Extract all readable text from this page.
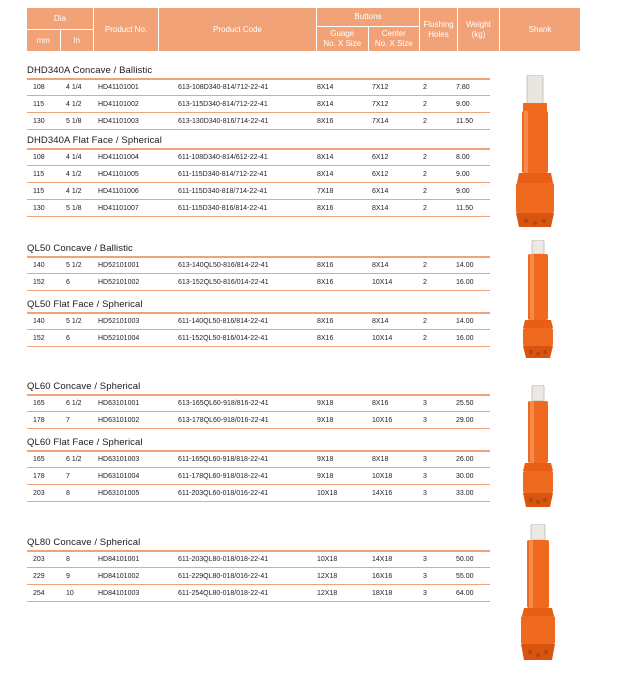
Dia
mm	In
Product No.	Product Code
Buttons
Guage
No. X Size
Center
No. X Size
Flushing
Holes
Weight
(kg)
Shank
DHD340A Concave / Ballistic
108	4 1/4	HD41101001	613-108D340-814/712-22-41	8X14	7X12	2	7.80
115	4 1/2	HD41101002	613-115D340-814/712-22-41	8X14	7X12	2	9.00
130	5 1/8	HD41101003	613-130D340-816/714-22-41	8X16	7X14	2	11.50
DHD340A Flat Face / Spherical
108	4 1/4	HD41101004	611-108D340-814/612-22-41	8X14	6X12	2	8.00
115	4 1/2	HD41101005	611-115D340-814/712-22-41	8X14	6X12	2	9.00
115	4 1/2	HD41101006	611-115D340-818/714-22-41	7X18	6X14	2	9.00
130	5 1/8	HD41101007	611-115D340-816/814-22-41	8X16	8X14	2	11.50
QL50 Concave / Ballistic
140	5 1/2	HD52101001	613-140QL50-816/814-22-41	8X16	8X14	2	14.00
152	6	HD52101002	613-152QL50-816/014-22-41	8X16	10X14	2	16.00
QL50 Flat Face / Spherical
140	5 1/2	HD52101003	611-140QL50-816/814-22-41	8X16	8X14	2	14.00
152	6	HD52101004	611-152QL50-816/014-22-41	8X16	10X14	2	16.00
QL60 Concave / Spherical
165	6 1/2	HD63101001	613-165QL60-918/816-22-41	9X18	8X16	3	25.50
178	7	HD63101002	613-178QL60-918/016-22-41	9X18	10X16	3	29.00
QL60 Flat Face / Spherical
165	6 1/2	HD63101003	611-165QL60-918/818-22-41	9X18	8X18	3	26.00
178	7	HD63101004	611-178QL60-918/018-22-41	9X18	10X18	3	30.00
203	8	HD63101005	611-203QL60-018/016-22-41	10X18	14X16	3	33.00
QL80 Concave / Spherical
203	8	HD84101001	611-203QL80-018/018-22-41	10X18	14X18	3	50.00
229	9	HD84101002	611-229QL80-018/016-22-41	12X18	16X16	3	55.00
254	10	HD84101003	611-254QL80-018/018-22-41	12X18	18X18	3	64.00
